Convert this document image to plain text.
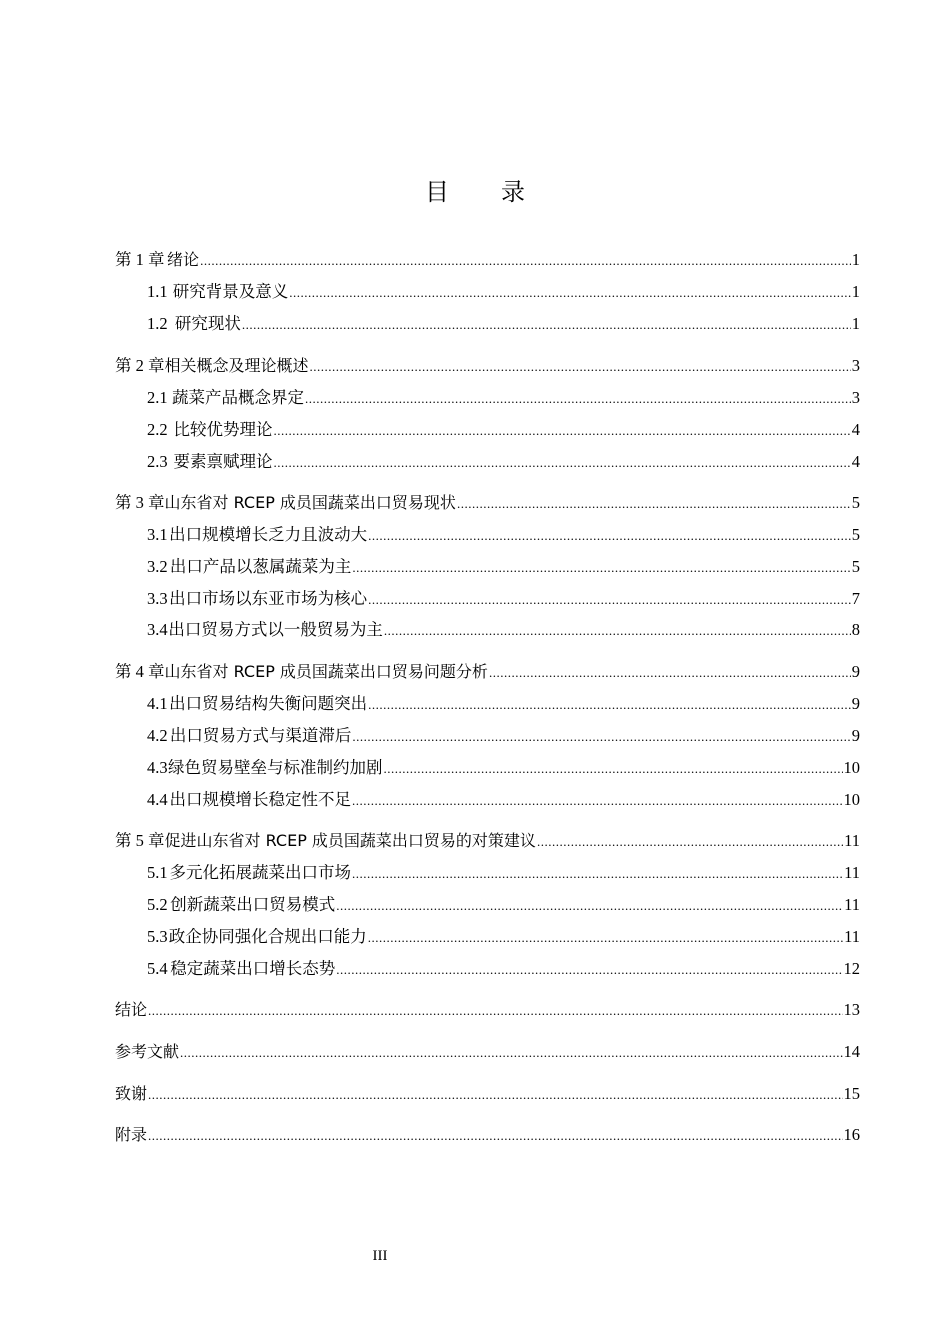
目 录
第 1 章 绪论 .....	1
1.1 研究背景及意义 .....	1
1.2 研究现状 .....	1
第 2 章 相关概念及理论概述 .....	3
2.1 蔬菜产品概念界定 .....	3
2.2 比较优势理论 .....	4
2.3 要素禀赋理论 .....	4
第 3 章 山东省对 RCEP 成员国蔬菜出口贸易现状 .....	5
3.1 出口规模增长乏力且波动大 .....	5
3.2 出口产品以葱属蔬菜为主 .....	5
3.3 出口市场以东亚市场为核心 .....	7
3.4 出口贸易方式以一般贸易为主 .....	8
第 4 章 山东省对 RCEP 成员国蔬菜出口贸易问题分析 .....	9
4.1 出口贸易结构失衡问题突出 .....	9
4.2 出口贸易方式与渠道滞后 .....	9
4.3 绿色贸易壁垒与标准制约加剧 .....	10
4.4 出口规模增长稳定性不足 .....	10
第 5 章 促进山东省对 RCEP 成员国蔬菜出口贸易的对策建议 .....	11
5.1 多元化拓展蔬菜出口市场 .....	11
5.2 创新蔬菜出口贸易模式 .....	11
5.3 政企协同强化合规出口能力 .....	11
5.4 稳定蔬菜出口增长态势 .....	12
结论 .....	13
参考文献 .....	14
致谢 .....	15
附录 .....	16
III
